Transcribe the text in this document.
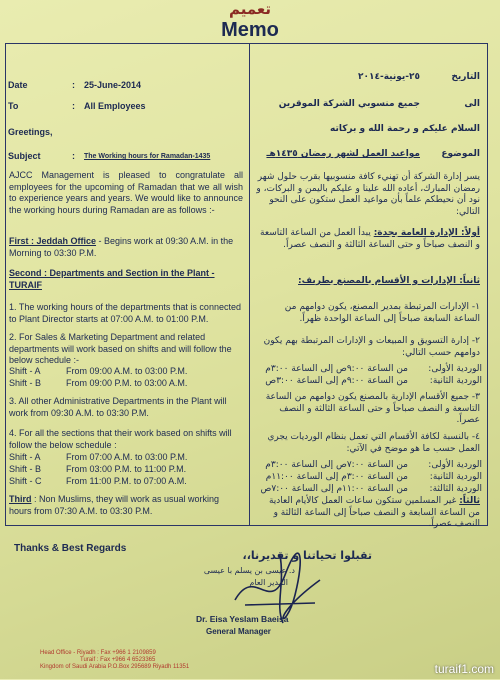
تعميم
Memo
Date	: 25-June-2014
To	: All Employees
Greetings,
Subject	: The Working hours for Ramadan-1435
AJCC Management is pleased to congratulate all employees for the upcoming of Ramadan that we all wish to experience years and years. We would like to announce the working hours during Ramadan are as follows :-
First : Jeddah Office - Begins work at 09:30 A.M. in the Morning to 03:30 P.M.
Second : Departments and Section in the Plant - TURAIF
1. The working hours of the departments that is connected to Plant Director starts at 07:00 A.M. to 01:00 P.M.
2. For Sales & Marketing Department and related departments will work based on shifts and will follow the below schedule :-
Shift - A	From 09:00 A.M. to 03:00 P.M.
Shift - B	From 09:00 P.M. to 03:00 A.M.
3. All other Administrative Departments in the Plant will work from 09:30 A.M. to 03:30 P.M.
4. For all the sections that their work based on shifts will follow the below schedule :
Shift - A	From 07:00 A.M. to 03:00 P.M.
Shift - B	From 03:00 P.M. to 11:00 P.M.
Shift - C	From 11:00 P.M. to 07:00 A.M.
Third : Non Muslims, they will work as usual working hours from 07:30 A.M. to 03:30 P.M.
التاريخ
٢٥-يونية-٢٠١٤
الى
جميع منسوبي الشركة الموقرين
السلام عليكم و رحمة الله و بركاته
الموضوع
مواعيد العمل لشهر رمضان ١٤٣٥هـ
يسر إدارة الشركة أن تهنيء كافة منسوبيها بقرب حلول شهر رمضان المبارك، أعاده الله علينا و عليكم باليمن و البركات، و نود أن نحيطكم علماً بأن مواعيد العمل ستكون على النحو التالي:
أولاً: الإدارة العامة بجدة: يبدأ العمل من الساعة التاسعة و النصف صباحاً و حتى الساعة الثالثة و النصف عصراً.
ثانياً: الإدارات و الأقسام بالمصنع بطريف:
١- الإدارات المرتبطة بمدير المصنع، يكون دوامهم من الساعة السابعة صباحاً إلى الساعة الواحدة ظهراً.
٢- إدارة التسويق و المبيعات و الإدارات المرتبطة بهم يكون دوامهم حسب التالي:
الوردية الأولى:
من الساعة ٩:٠٠ص إلى الساعة ٣:٠٠م
الوردية الثانية:
من الساعة ٩:٠٠م إلى الساعة ٣:٠٠ص
٣- جميع الأقسام الإدارية بالمصنع يكون دوامهم من الساعة التاسعة و النصف صباحاً و حتى الساعة الثالثة و النصف عصراً.
٤- بالنسبة لكافة الأقسام التي تعمل بنظام الورديات يجري العمل حسب ما هو موضح في الآتي:
الوردية الأولى:
من الساعة ٧:٠٠ص إلى الساعة ٣:٠٠م
الوردية الثانية:
من الساعة ٣:٠٠م إلى الساعة ١١:٠٠م
الوردية الثالثة:
من الساعة ١١:٠٠م إلى الساعة ٧:٠٠ص
ثالثاً: غير المسلمين ستكون ساعات العمل كالأيام العادية من الساعة السابعة و النصف صباحاً إلى الساعة الثالثة و النصف عصراً.
Thanks & Best Regards
تقبلوا تحياتنا و تقديرنا،،
د. عيسى بن يسلم با عيسى
المدير العام
Dr. Eisa Yeslam Baeisa
General Manager
Head Office - Riyadh : Fax +966 1 2109859
Turaif : Fax +966 4 6523365
Kingdom of Saudi Arabia P.O.Box 295689 Riyadh 11351	turaif1.com
